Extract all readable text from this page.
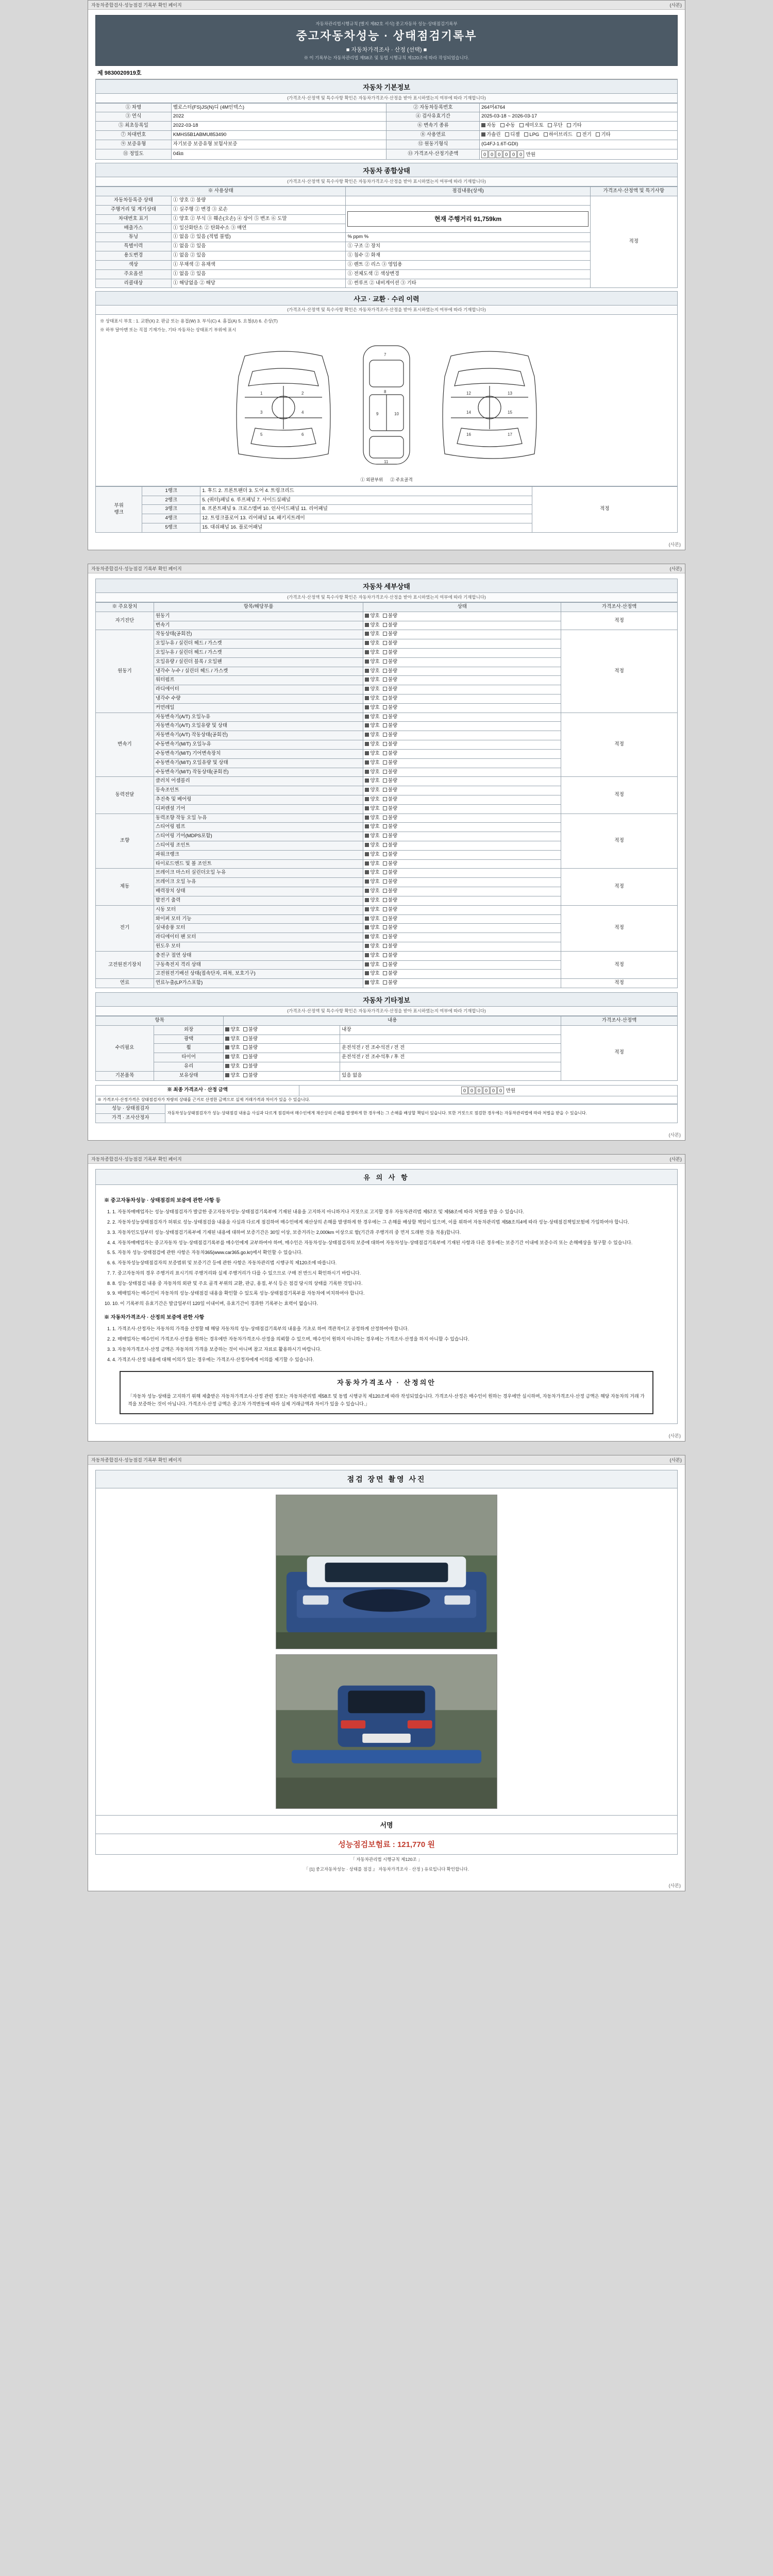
자동차종합검사·성능점검 기록부 확인 페이지	(사본)
자동차관리법시행규칙 [별지 제82호 서식] 중고자동차 성능·상태점검기록부
중고자동차성능 · 상태점검기록부
■ 자동차가격조사 · 산정 (선택) ■
※ 이 기록부는 자동차관리법 제58조 및 동법 시행규칙 제120조에 따라 작성되었습니다.
제 9830020919호
자동차 기본정보
(가격조사·산정액 및 특수사항 확인은 자동차가격조사·산정을 받아 표시하였는지 여부에 따라 기재합니다)
① 차명	벨로스터(FS)JS(N)디 (4M인덱스)	② 자동차등록번호	264머4764
③ 연식	2022	④ 검사유효기간	2025-03-18 ~ 2026-03-17
⑤ 최초등록일	2022-03-18	⑥ 변속기 종류	자동 수동 세미오토 무단 기타
⑦ 차대번호	KMHS5B1ABMU853490	⑧ 사용연료	가솔린 디젤 LPG 하이브리드 전기 기타
⑨ 보증유형	자기보증 보증유형 보험사보증	⑫ 원동기형식	(G4FJ-1.6T-GDI)
⑪ 정밀도	04㎞	⑬ 가격조사·산정기준액	0 0 0 0 0 0 만원
자동차 종합상태
(가격조사·산정액 및 특수사항 확인은 자동차가격조사·산정을 받아 표시하였는지 여부에 따라 기재합니다)
※ 사용상태		점검내용(상세)	가격조사·산정액 및 특기사항
자동차등록증 상태	① 양호 ② 불량		적정
주행거리 및 계기상태	① 실주행 ② 변경 ③ 로손	현재 주행거리 91,759km	

차대번호 표기	① 양호 ② 부식 ③ 훼손(오손) ④ 상이 ⑤ 변조 ⑥ 도말		
배출가스	① 일산화탄소 ② 탄화수소 ③ 매연		
튜닝	① 없음 ② 있음 (적법 불법)	% ppm %	
특별이력	① 없음 ② 있음	① 구조 ② 장치	
용도변경	① 없음 ② 있음	① 침수 ② 화재	
색상	① 무채색 ② 유채색	① 렌트 ② 리스 ③ 영업용	
주요옵션	① 없음 ② 있음	① 전체도색 ② 색상변경	
리콜대상	① 해당없음 ② 해당	① 썬루프 ② 내비게이션 ③ 기타	
사고 · 교환 · 수리 이력
(가격조사·산정액 및 특수사항 확인은 자동차가격조사·산정을 받아 표시하였는지 여부에 따라 기재합니다)
※ 상태표시 부호 : 1. 교환(X) 2. 판금 또는 용접(W) 3. 부식(C) 4. 흠집(A) 5. 요철(U) 6. 손상(T)
※ 하부 달아맨 또는 직접 기재가능, 기타 자동차는 상태표기 부위에 표시
1	2
3	4
5	6
7
8
9	10
11
12	13
14	15
16	17
① 외판부위 ② 주요골격
부위
랭크	1랭크	1. 후드 2. 프론트팬더 3. 도어 4. 트렁크리드	적정
	2랭크	5. (쿼터)패널 6. 루프패널 7. 사이드실패널	
	3랭크	8. 프론트패널 9. 크로스멤버 10. 인사이드패널 11. 리어패널	
	4랭크	12. 트렁크플로어 13. 리어패널 14. 패키지트레이	
	5랭크	15. 대쉬패널 16. 플로어패널	
(사본)
자동차종합검사·성능점검 기록부 확인 페이지	(사본)
자동차 세부상태
(가격조사·산정액 및 특수사항 확인은 자동차가격조사·산정을 받아 표시하였는지 여부에 따라 기재합니다)
※ 주요장치	항목/해당부품	상태	가격조사·산정액
자기진단	원동기	양호 불량	적정
	변속기	양호 불량	
원동기	작동상태(공회전)	양호 불량	적정
	오일누유 / 실린더 헤드 / 가스켓	양호 불량	
	오일누유 / 실린더 헤드 / 가스켓	양호 불량	
	오일유량 / 실린더 블록 / 오일팬	양호 불량	
	냉각수 누수 / 실린더 헤드 / 가스켓	양호 불량	
	워터펌프	양호 불량	
	라디에이터	양호 불량	
	냉각수 수량	양호 불량	
	커먼레일	양호 불량	
변속기	자동변속기(A/T) 오일누유	양호 불량	적정
	자동변속기(A/T) 오일유량 및 상태	양호 불량	
	자동변속기(A/T) 작동상태(공회전)	양호 불량	
	수동변속기(M/T) 오일누유	양호 불량	
	수동변속기(M/T) 기어변속장치	양호 불량	
	수동변속기(M/T) 오일유량 및 상태	양호 불량	
	수동변속기(M/T) 작동상태(공회전)	양호 불량	
동력전달	클러치 어셈블리	양호 불량	적정
	등속조인트	양호 불량	
	추진축 및 베어링	양호 불량	
	디퍼렌셜 기어	양호 불량	
조향	동력조향 작동 오일 누유	양호 불량	적정
	스티어링 펌프	양호 불량	
	스티어링 기어(MDPS포함)	양호 불량	
	스티어링 조인트	양호 불량	
	파워크랭크	양호 불량	
	타이로드엔드 및 볼 조인트	양호 불량	
제동	브레이크 마스터 실린더오일 누유	양호 불량	적정
	브레이크 오일 누유	양호 불량	
	배력장치 상태	양호 불량	
	발전기 출력	양호 불량	
전기	시동 모터	양호 불량	적정
	와이퍼 모터 기능	양호 불량	
	실내송풍 모터	양호 불량	
	라디에이터 팬 모터	양호 불량	
	윈도우 모터	양호 불량	
고전원전기장치	충전구 절연 상태	양호 불량	적정
	구동축전지 격리 상태	양호 불량	
	고전원전기배선 상태(접속단자, 피복, 보호기구)	양호 불량	
연료	연료누출(LP가스포함)	양호 불량	적정
자동차 기타정보
(가격조사·산정액 및 특수사항 확인은 자동차가격조사·산정을 받아 표시하였는지 여부에 따라 기재합니다)
항목		내용		가격조사·산정액
수리필요	외장	양호 불량	내장	적정
	광택	양호 불량		
	휠	양호 불량	운전석전 / 전 조수석전 / 전 전	
	타이어	양호 불량	운전석전 / 전 조수석후 / 후 전	
	유리	양호 불량		
기본품목	보유상태	양호 불량	있음 없음	
※ 최종 가격조사 · 산정 금액	0 0 0 0 0 0 만원
※ 가격조사·산정가격은 상태점검자가 차량의 상태를 근거로 산정한 금액으로 실제 거래가격과 차이가 있을 수 있습니다.
성능 · 상태점검자	자동차성능상태점검자가 성능·상태점검 내용을 사실과 다르게 점검하여 매수인에게 재산상의 손해를 발생하게 한 경우에는 그 손해를 배상할 책임이 있습니다. 또한 거짓으로 점검한 경우에는 자동차관리법에 따라 처벌을 받을 수 있습니다.
가격 · 조사산정자
(사본)
자동차종합검사·성능점검 기록부 확인 페이지	(사본)
유 의 사 항
※ 중고자동차성능 · 상태점검의 보증에 관한 사항 등
1. 1. 자동차매매업자는 성능·상태점검자가 발급한 중고자동차성능·상태점검기록부에 기재된 내용을 고지하지 아니하거나 거짓으로 고지할 경우 자동차관리법 제57조 및 제58조에 따라 처벌을 받을 수 있습니다.
2. 2. 자동차성능상태점검자가 허위로 성능·상태점검을 내용을 사실과 다르게 점검하여 매수인에게 재산상의 손해를 발생하게 한 경우에는 그 손해를 배상할 책임이 있으며, 이를 위하여 자동차관리법 제58조의4에 따라 성능·상태점검책임보험에 가입하여야 합니다.
3. 3. 자동차인도일부터 성능·상태점검기록부에 기재된 내용에 대하여 보증기간은 30일 이상, 보증거리는 2,000km 이상으로 함(기간과 주행거리 중 먼저 도래한 것을 적용)합니다.
4. 4. 자동차매매업자는 중고자동차 성능·상태점검기록부를 매수인에게 교부하여야 하며, 매수인은 자동차성능·상태점검자의 보증에 대하여 자동차성능·상태점검기록부에 기재된 사항과 다른 경우에는 보증기간 이내에 보증수리 또는 손해배상을 청구할 수 있습니다.
5. 5. 자동차 성능·상태점검에 관한 사항은 자동차365(www.car365.go.kr)에서 확인할 수 있습니다.
6. 6. 자동차성능상태점검자의 보증범위 및 보증기간 등에 관한 사항은 자동차관리법 시행규칙 제120조에 따릅니다.
7. 7. 중고자동차의 경우 주행거리 표시기의 주행거리와 실제 주행거리가 다를 수 있으므로 구매 전 반드시 확인하시기 바랍니다.
8. 8. 성능·상태점검 내용 중 자동차의 외판 및 주요 골격 부위의 교환, 판금, 용접, 부식 등은 점검 당시의 상태를 기록한 것입니다.
9. 9. 매매업자는 매수인이 자동차의 성능·상태점검 내용을 확인할 수 있도록 성능·상태점검기록부를 자동차에 비치하여야 합니다.
10. 10. 이 기록부의 유효기간은 발급일부터 120일 이내이며, 유효기간이 경과한 기록부는 효력이 없습니다.
※ 자동차가격조사 · 산정의 보증에 관한 사항
1. 1. 가격조사·산정자는 자동차의 가격을 산정할 때 해당 자동차의 성능·상태점검기록부의 내용을 기초로 하여 객관적이고 공정하게 산정하여야 합니다.
2. 2. 매매업자는 매수인이 가격조사·산정을 원하는 경우에만 자동차가격조사·산정을 의뢰할 수 있으며, 매수인이 원하지 아니하는 경우에는 가격조사·산정을 하지 아니할 수 있습니다.
3. 3. 자동차가격조사·산정 금액은 자동차의 가격을 보증하는 것이 아니며 참고 자료로 활용하시기 바랍니다.
4. 4. 가격조사·산정 내용에 대해 이의가 있는 경우에는 가격조사·산정자에게 이의를 제기할 수 있습니다.
자동차가격조사 · 산정의안
「자동차 성능·상태를 고지하기 위해 제출받은 자동차가격조사·산정 관련 정보는 자동차관리법 제58조 및 동법 시행규칙 제120조에 따라 작성되었습니다. 가격조사·산정은 매수인이 원하는 경우에만 실시하며, 자동차가격조사·산정 금액은 해당 자동차의 거래 가격을 보증하는 것이 아닙니다. 가격조사·산정 금액은 중고차 가격변동에 따라 실제 거래금액과 차이가 있을 수 있습니다.」
(사본)
자동차종합검사·성능점검 기록부 확인 페이지	(사본)
점검 장면 촬영 사진
서명
성능점검보험료 : 121,770 원
「 자동차관리법 시행규칙 제120조 」
「 [1] 중고자동차성능 · 상태를 점검 』 자동차가격조사 · 산정 ) 유료입니다 확인합니다.
(사본)
